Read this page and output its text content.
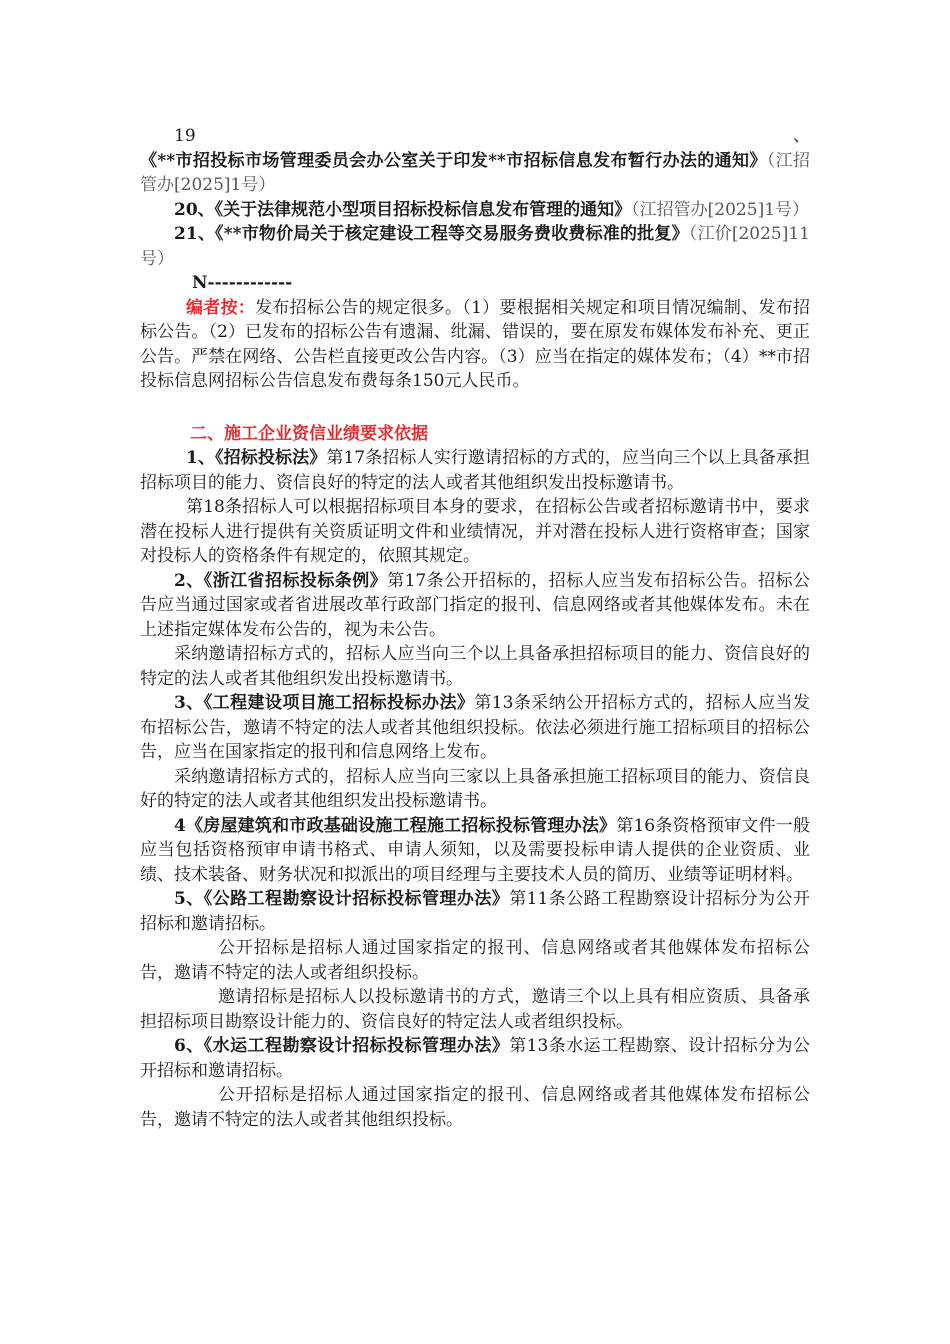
19、《**市招投标市场管理委员会办公室关于印发**市招标信息发布暂行办法的通知》（江招管办[2025]1号）

20、《关于法律规范小型项目招标投标信息发布管理的通知》（江招管办[2025]1号）

21、《**市物价局关于核定建设工程等交易服务费收费标准的批复》（江价[2025]11号）

N------------

编者按：发布招标公告的规定很多。（1）要根据相关规定和项目情况编制、发布招标公告。（2）已发布的招标公告有遗漏、纰漏、错误的，要在原发布媒体发布补充、更正公告。严禁在网络、公告栏直接更改公告内容。（3）应当在指定的媒体发布；（4）**市招投标信息网招标公告信息发布费每条150元人民币。

二、施工企业资信业绩要求依据

1、《招标投标法》第17条招标人实行邀请招标的方式的，应当向三个以上具备承担招标项目的能力、资信良好的特定的法人或者其他组织发出投标邀请书。

第18条招标人可以根据招标项目本身的要求，在招标公告或者招标邀请书中，要求潜在投标人进行提供有关资质证明文件和业绩情况，并对潜在投标人进行资格审查；国家对投标人的资格条件有规定的，依照其规定。

2、《浙江省招标投标条例》第17条公开招标的，招标人应当发布招标公告。招标公告应当通过国家或者省进展改革行政部门指定的报刊、信息网络或者其他媒体发布。未在上述指定媒体发布公告的，视为未公告。

采纳邀请招标方式的，招标人应当向三个以上具备承担招标项目的能力、资信良好的特定的法人或者其他组织发出投标邀请书。

3、《工程建设项目施工招标投标办法》第13条采纳公开招标方式的，招标人应当发布招标公告，邀请不特定的法人或者其他组织投标。依法必须进行施工招标项目的招标公告，应当在国家指定的报刊和信息网络上发布。

采纳邀请招标方式的，招标人应当向三家以上具备承担施工招标项目的能力、资信良好的特定的法人或者其他组织发出投标邀请书。

4《房屋建筑和市政基础设施工程施工招标投标管理办法》第16条资格预审文件一般应当包括资格预审申请书格式、申请人须知，以及需要投标申请人提供的企业资质、业绩、技术装备、财务状况和拟派出的项目经理与主要技术人员的简历、业绩等证明材料。

5、《公路工程勘察设计招标投标管理办法》第11条公路工程勘察设计招标分为公开招标和邀请招标。

公开招标是招标人通过国家指定的报刊、信息网络或者其他媒体发布招标公告，邀请不特定的法人或者组织投标。

邀请招标是招标人以投标邀请书的方式，邀请三个以上具有相应资质、具备承担招标项目勘察设计能力的、资信良好的特定法人或者组织投标。

6、《水运工程勘察设计招标投标管理办法》第13条水运工程勘察、设计招标分为公开招标和邀请招标。

公开招标是招标人通过国家指定的报刊、信息网络或者其他媒体发布招标公告，邀请不特定的法人或者其他组织投标。
